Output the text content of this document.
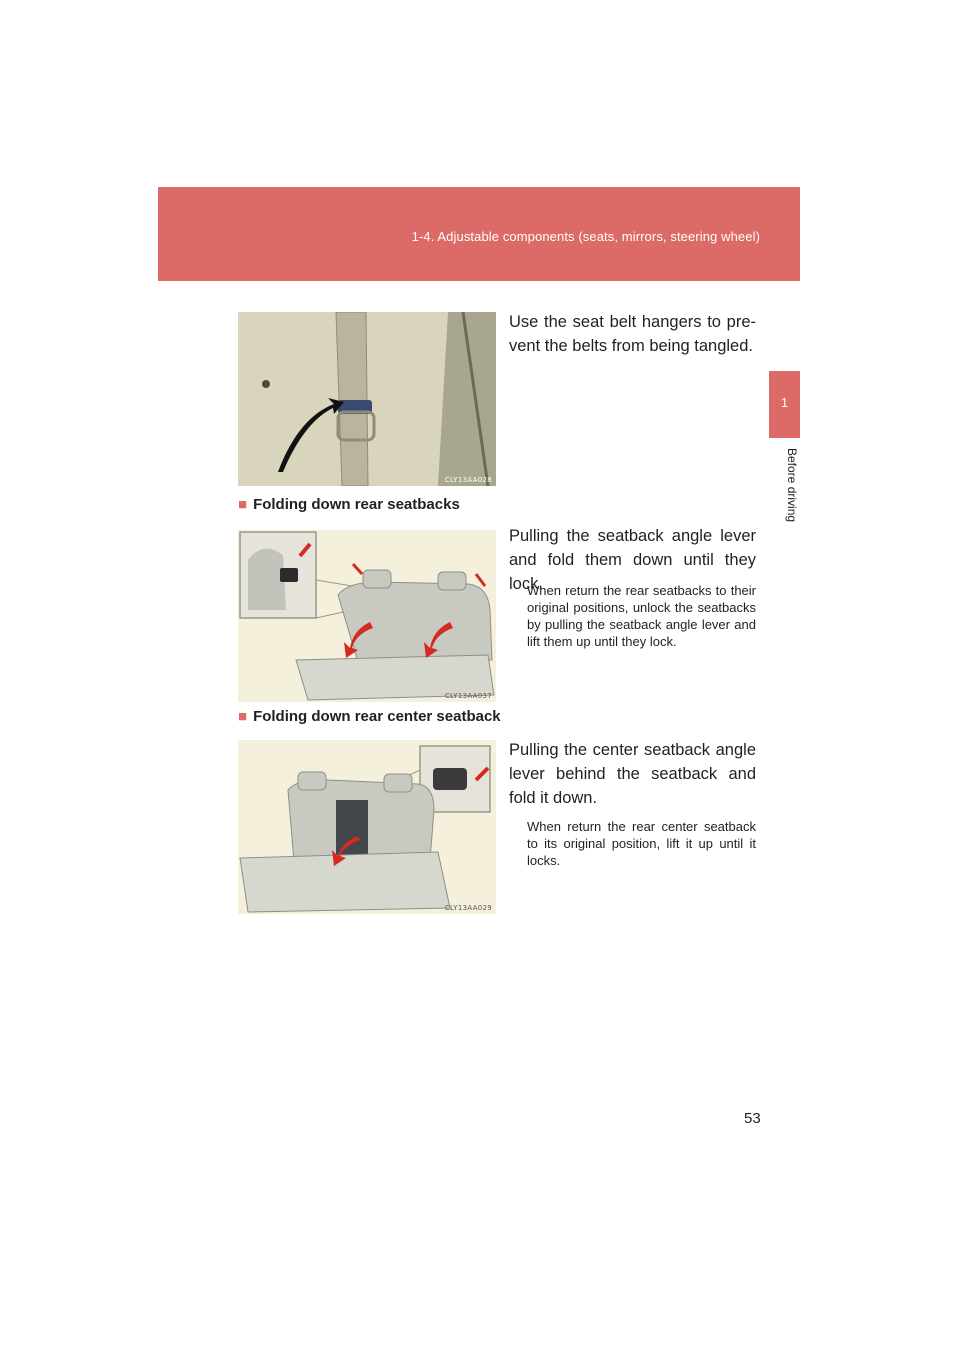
1-4. Adjustable components (seats, mirrors, steering wheel)
1
Before driving
CLY13AA028
Use the seat belt hangers to pre-vent the belts from being tangled.
■ Folding down rear seatbacks
CLY13AA037
Pulling the seatback angle lever and fold them down until they lock.
When return the rear seatbacks to their original positions, unlock the seatbacks by pulling the seatback angle lever and lift them up until they lock.
■ Folding down rear center seatback
CLY13AA029
Pulling the center seatback angle lever behind the seatback and fold it down.
When return the rear center seatback to its original position, lift it up until it locks.
53
